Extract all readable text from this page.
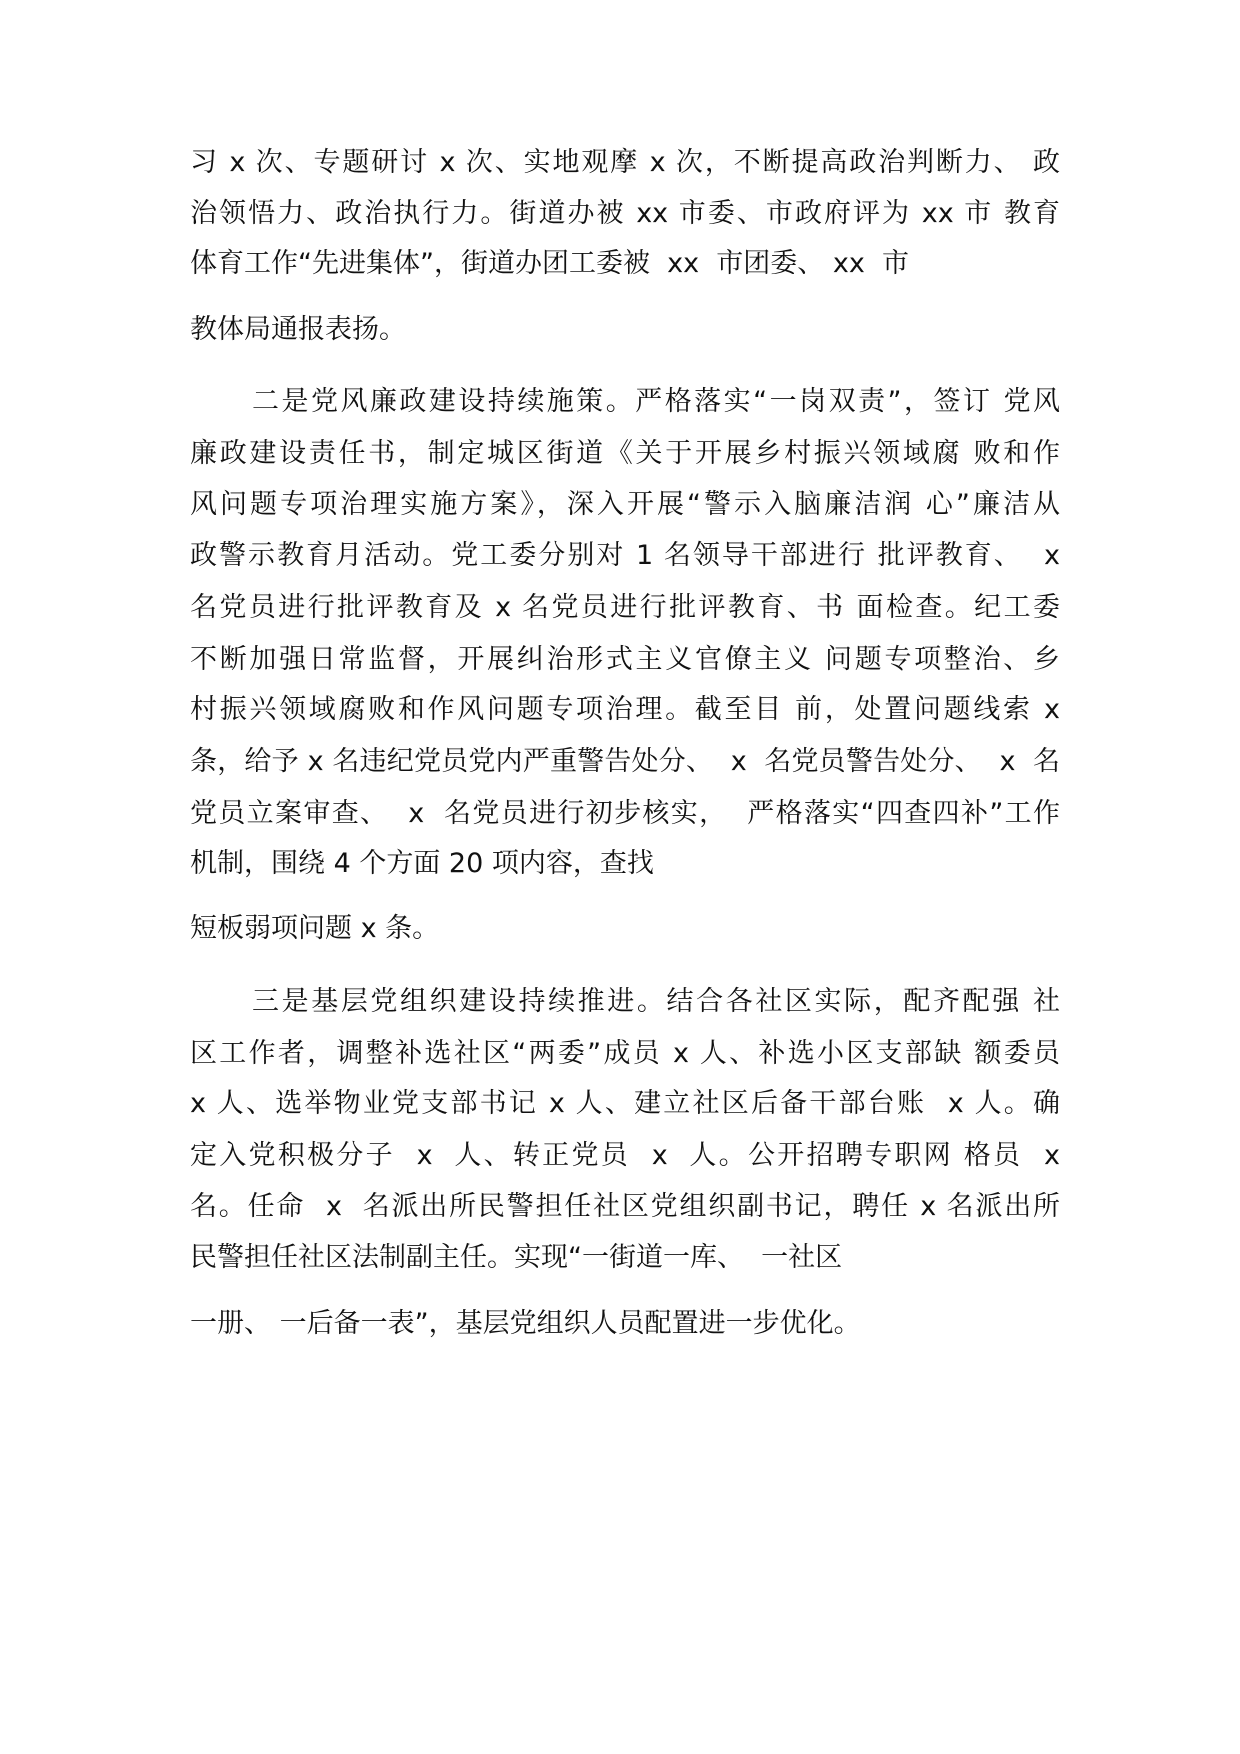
习 x 次、专题研讨 x 次、实地观摩 x 次，不断提高政治判断力、 政
治领悟力、政治执行力。街道办被 xx 市委、市政府评为 xx 市 教育
体育工作“先进集体”，街道办团工委被  xx  市团委、 xx  市
教体局通报表扬。
二是党风廉政建设持续施策。严格落实“一岗双责”，签订 党风
廉政建设责任书，制定城区街道《关于开展乡村振兴领域腐 败和作
风问题专项治理实施方案》，深入开展“警示入脑廉洁润 心”廉洁从
政警示教育月活动。党工委分别对 1 名领导干部进行 批评教育、  x
名党员进行批评教育及 x 名党员进行批评教育、书 面检查。纪工委
不断加强日常监督，开展纠治形式主义官僚主义 问题专项整治、乡
村振兴领域腐败和作风问题专项治理。截至目 前，处置问题线索 x
条，给予 x 名违纪党员党内严重警告处分、  x  名党员警告处分、  x  名
党员立案审查、  x  名党员进行初步核实，  严格落实“四查四补”工作
机制，围绕 4 个方面 20 项内容，查找
短板弱项问题 x 条。
三是基层党组织建设持续推进。结合各社区实际，配齐配强 社
区工作者，调整补选社区“两委”成员 x 人、补选小区支部缺 额委员
x 人、选举物业党支部书记 x 人、建立社区后备干部台账  x 人。确
定入党积极分子  x  人、转正党员  x  人。公开招聘专职网 格员  x
名。任命  x  名派出所民警担任社区党组织副书记，聘任 x 名派出所
民警担任社区法制副主任。实现“一街道一库、  一社区
一册、 一后备一表”，基层党组织人员配置进一步优化。
